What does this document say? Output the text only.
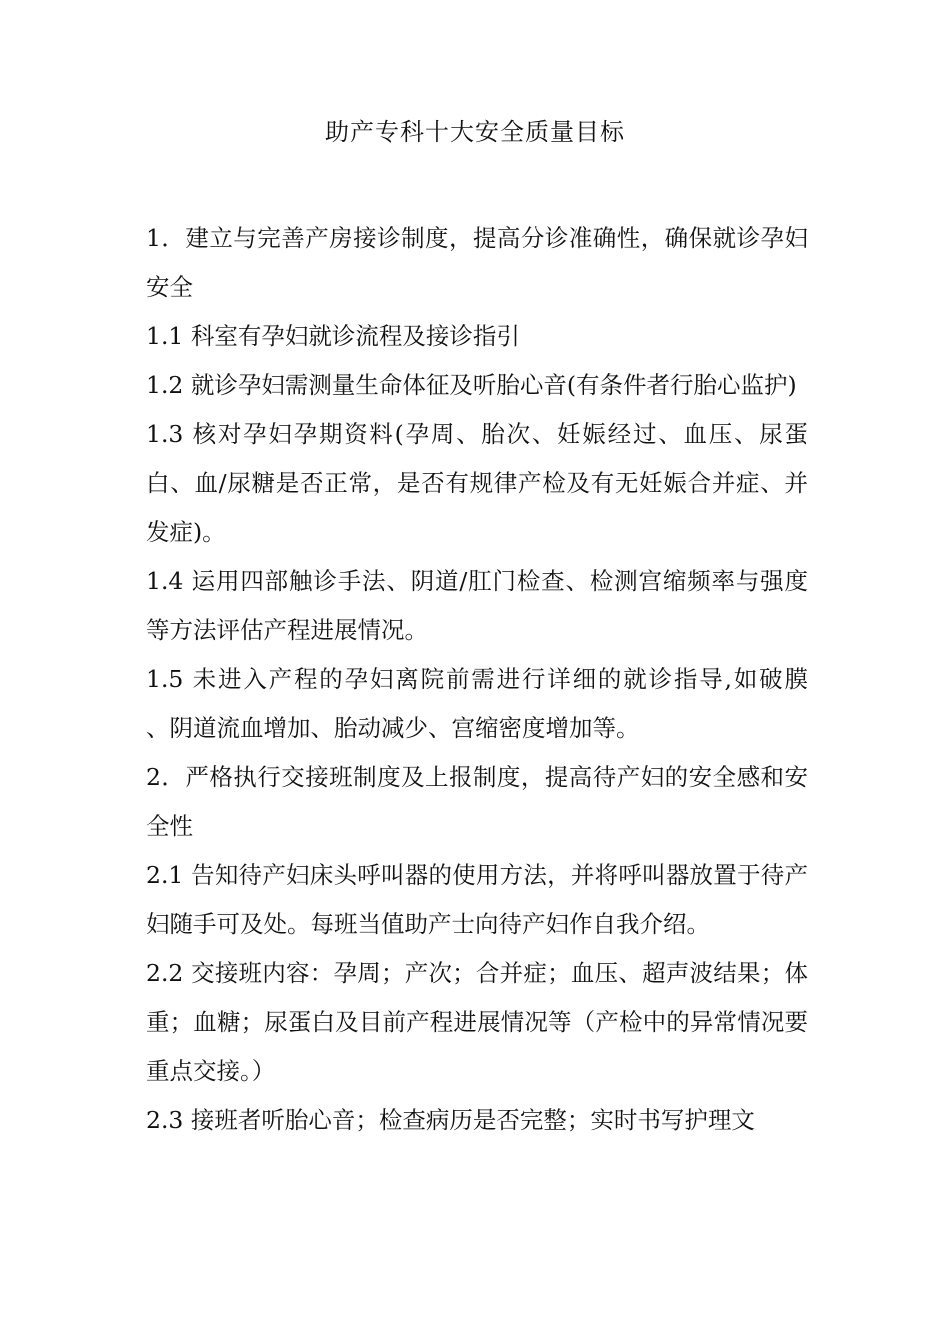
助产专科十大安全质量目标

1．建立与完善产房接诊制度，提高分诊准确性，确保就诊孕妇安全

1.1 科室有孕妇就诊流程及接诊指引

1.2 就诊孕妇需测量生命体征及听胎心音(有条件者行胎心监护)

1.3 核对孕妇孕期资料(孕周、胎次、妊娠经过、血压、尿蛋白、血/尿糖是否正常，是否有规律产检及有无妊娠合并症、并发症)。

1.4 运用四部触诊手法、阴道/肛门检查、检测宫缩频率与强度等方法评估产程进展情况。

1.5 未进入产程的孕妇离院前需进行详细的就诊指导,如破膜　 、阴道流血增加、胎动减少、宫缩密度增加等。

2．严格执行交接班制度及上报制度，提高待产妇的安全感和安全性

2.1 告知待产妇床头呼叫器的使用方法，并将呼叫器放置于待产妇随手可及处。每班当值助产士向待产妇作自我介绍。

2.2 交接班内容：孕周；产次；合并症；血压、超声波结果；体重；血糖；尿蛋白及目前产程进展情况等（产检中的异常情况要重点交接。）

2.3 接班者听胎心音；检查病历是否完整；实时书写护理文
